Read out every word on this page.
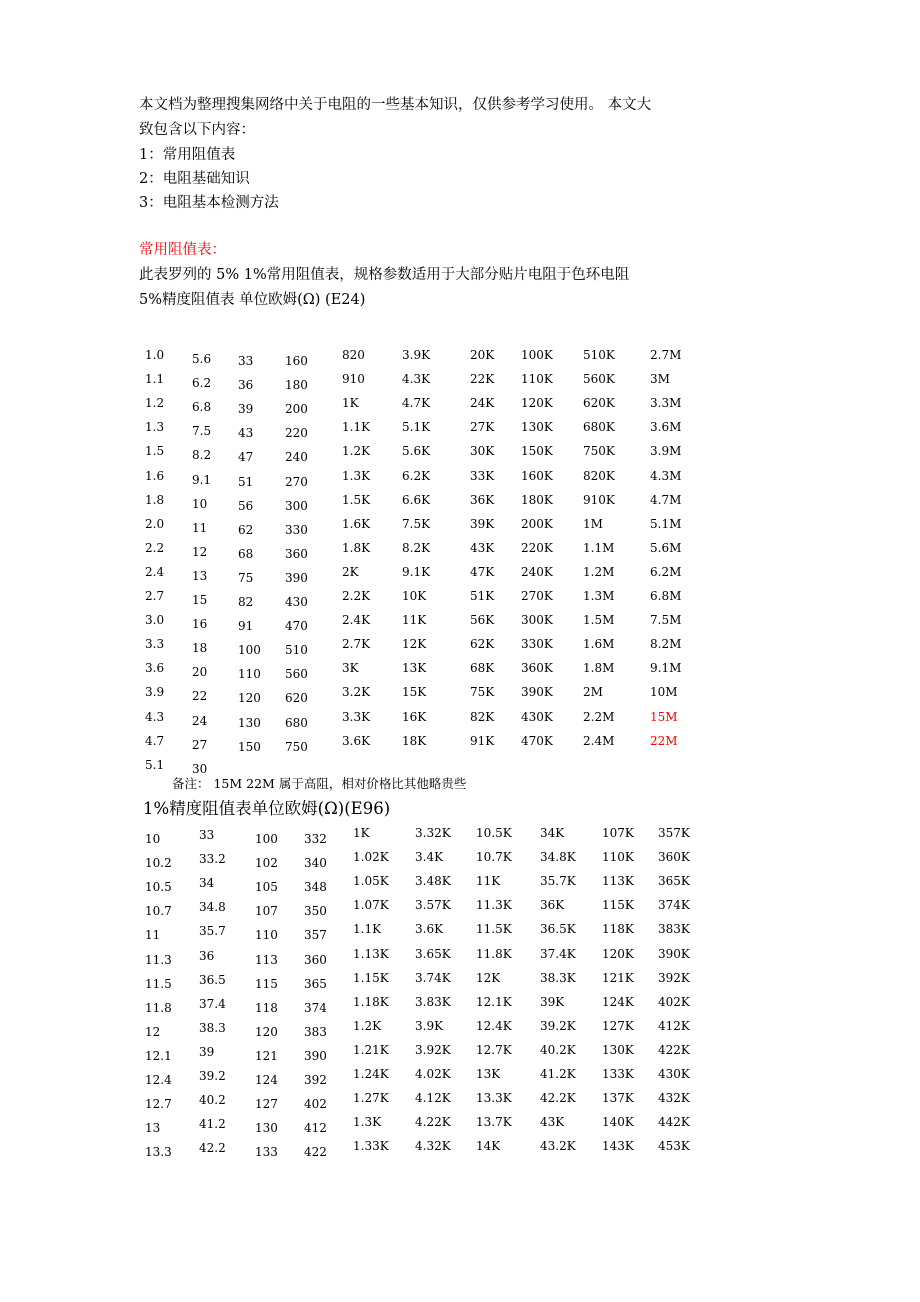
本文档为整理搜集网络中关于电阻的一些基本知识，仅供参考学习使用。 本文大
致包含以下内容：
1：常用阻值表
2：电阻基础知识
3：电阻基本检测方法
常用阻值表：
此表罗列的 5% 1%常用阻值表，规格参数适用于大部分贴片电阻于色环电阻
5%精度阻值表 单位欧姆(Ω) (E24)
1.0
1.1
1.2
1.3
1.5
1.6
1.8
2.0
2.2
2.4
2.7
3.0
3.3
3.6
3.9
4.3
4.7
5.1
5.6
6.2
6.8
7.5
8.2
9.1
10
11
12
13
15
16
18
20
22
24
27
30
33
36
39
43
47
51
56
62
68
75
82
91
100
110
120
130
150
160
180
200
220
240
270
300
330
360
390
430
470
510
560
620
680
750
820
910
1K
1.1K
1.2K
1.3K
1.5K
1.6K
1.8K
2K
2.2K
2.4K
2.7K
3K
3.2K
3.3K
3.6K
3.9K
4.3K
4.7K
5.1K
5.6K
6.2K
6.6K
7.5K
8.2K
9.1K
10K
11K
12K
13K
15K
16K
18K
20K
22K
24K
27K
30K
33K
36K
39K
43K
47K
51K
56K
62K
68K
75K
82K
91K
100K
110K
120K
130K
150K
160K
180K
200K
220K
240K
270K
300K
330K
360K
390K
430K
470K
510K
560K
620K
680K
750K
820K
910K
1M
1.1M
1.2M
1.3M
1.5M
1.6M
1.8M
2M
2.2M
2.4M
2.7M
3M
3.3M
3.6M
3.9M
4.3M
4.7M
5.1M
5.6M
6.2M
6.8M
7.5M
8.2M
9.1M
10M
15M
22M
备注： 15M 22M 属于高阻，相对价格比其他略贵些
1%精度阻值表单位欧姆(Ω)(E96)
10
10.2
10.5
10.7
11
11.3
11.5
11.8
12
12.1
12.4
12.7
13
13.3
33
33.2
34
34.8
35.7
36
36.5
37.4
38.3
39
39.2
40.2
41.2
42.2
100
102
105
107
110
113
115
118
120
121
124
127
130
133
332
340
348
350
357
360
365
374
383
390
392
402
412
422
1K
1.02K
1.05K
1.07K
1.1K
1.13K
1.15K
1.18K
1.2K
1.21K
1.24K
1.27K
1.3K
1.33K
3.32K
3.4K
3.48K
3.57K
3.6K
3.65K
3.74K
3.83K
3.9K
3.92K
4.02K
4.12K
4.22K
4.32K
10.5K
10.7K
11K
11.3K
11.5K
11.8K
12K
12.1K
12.4K
12.7K
13K
13.3K
13.7K
14K
34K
34.8K
35.7K
36K
36.5K
37.4K
38.3K
39K
39.2K
40.2K
41.2K
42.2K
43K
43.2K
107K
110K
113K
115K
118K
120K
121K
124K
127K
130K
133K
137K
140K
143K
357K
360K
365K
374K
383K
390K
392K
402K
412K
422K
430K
432K
442K
453K
